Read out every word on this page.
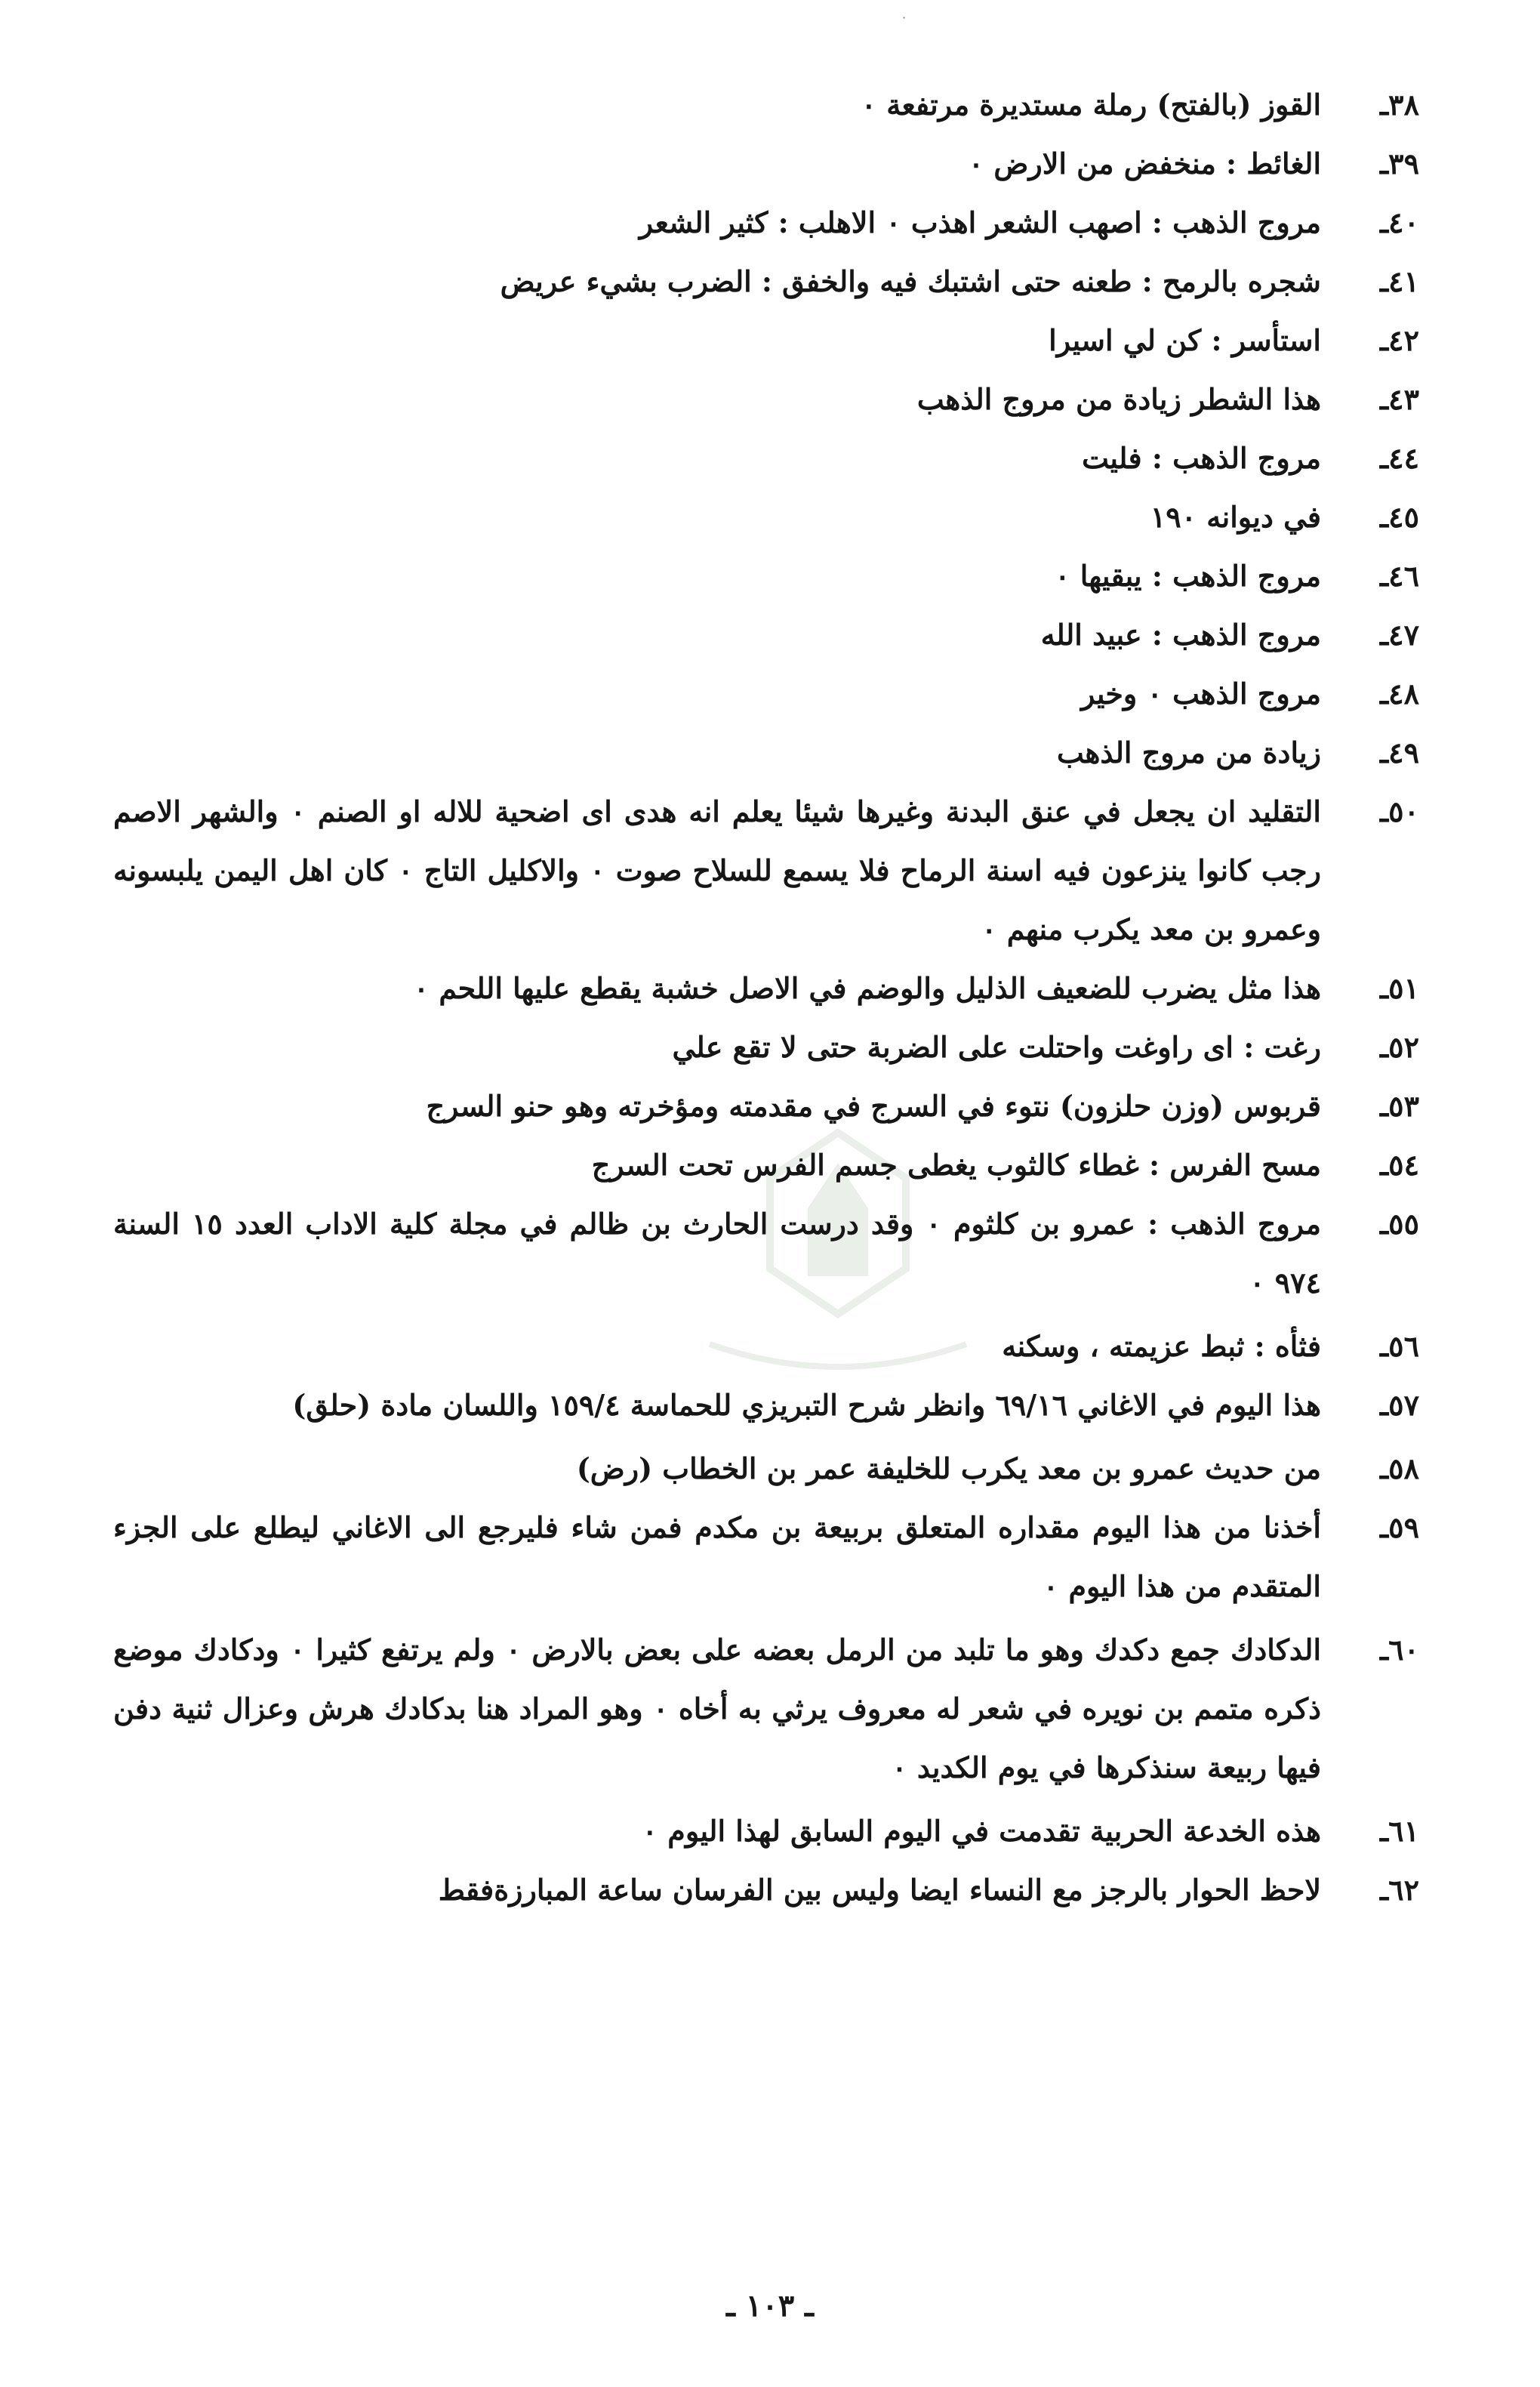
·
٣٨ـ
القوز (بالفتح) رملة مستديرة مرتفعة ٠
٣٩ـ
الغائط : منخفض من الارض ٠
٤٠ـ
مروج الذهب : اصهب الشعر اهذب ٠ الاهلب : كثير الشعر
٤١ـ
شجره بالرمح : طعنه حتى اشتبك فيه والخفق : الضرب بشيء عريض
٤٢ـ
استأسر : كن لي اسيرا
٤٣ـ
هذا الشطر زيادة من مروج الذهب
٤٤ـ
مروج الذهب : فليت
٤٥ـ
في ديوانه ١٩٠
٤٦ـ
مروج الذهب : يبقيها ٠
٤٧ـ
مروج الذهب : عبيد الله
٤٨ـ
مروج الذهب ٠ وخير
٤٩ـ
زيادة من مروج الذهب
٥٠ـ
التقليد ان يجعل في عنق البدنة وغيرها شيئا يعلم انه هدى اى اضحية للاله او الصنم ٠ والشهر الاصم رجب كانوا ينزعون فيه اسنة الرماح فلا يسمع للسلاح صوت ٠ والاكليل التاج ٠ كان اهل اليمن يلبسونه وعمرو بن معد يكرب منهم ٠
٥١ـ
هذا مثل يضرب للضعيف الذليل والوضم في الاصل خشبة يقطع عليها اللحم ٠
٥٢ـ
رغت : اى راوغت واحتلت على الضربة حتى لا تقع علي
٥٣ـ
قربوس (وزن حلزون) نتوء في السرج في مقدمته ومؤخرته وهو حنو السرج
٥٤ـ
مسح الفرس : غطاء كالثوب يغطى جسم الفرس تحت السرج
٥٥ـ
مروج الذهب : عمرو بن كلثوم ٠ وقد درست الحارث بن ظالم في مجلة كلية الاداب العدد ١٥ السنة ٩٧٤ ٠
٥٦ـ
فثأه : ثبط عزيمته ، وسكنه
٥٧ـ
هذا اليوم في الاغاني ٦٩/١٦ وانظر شرح التبريزي للحماسة ١٥٩/٤ واللسان مادة (حلق)
٥٨ـ
من حديث عمرو بن معد يكرب للخليفة عمر بن الخطاب (رض)
٥٩ـ
أخذنا من هذا اليوم مقداره المتعلق بربيعة بن مكدم فمن شاء فليرجع الى الاغاني ليطلع على الجزء المتقدم من هذا اليوم ٠
٦٠ـ
الدكادك جمع دكدك وهو ما تلبد من الرمل بعضه على بعض بالارض ٠ ولم يرتفع كثيرا ٠ ودكادك موضع ذكره متمم بن نويره في شعر له معروف يرثي به أخاه ٠ وهو المراد هنا بدكادك هرش وعزال ثنية دفن فيها ربيعة سنذكرها في يوم الكديد ٠
٦١ـ
هذه الخدعة الحربية تقدمت في اليوم السابق لهذا اليوم ٠
٦٢ـ
لاحظ الحوار بالرجز مع النساء ايضا وليس بين الفرسان ساعة المبارزةفقط
ـ ١٠٣ ـ
